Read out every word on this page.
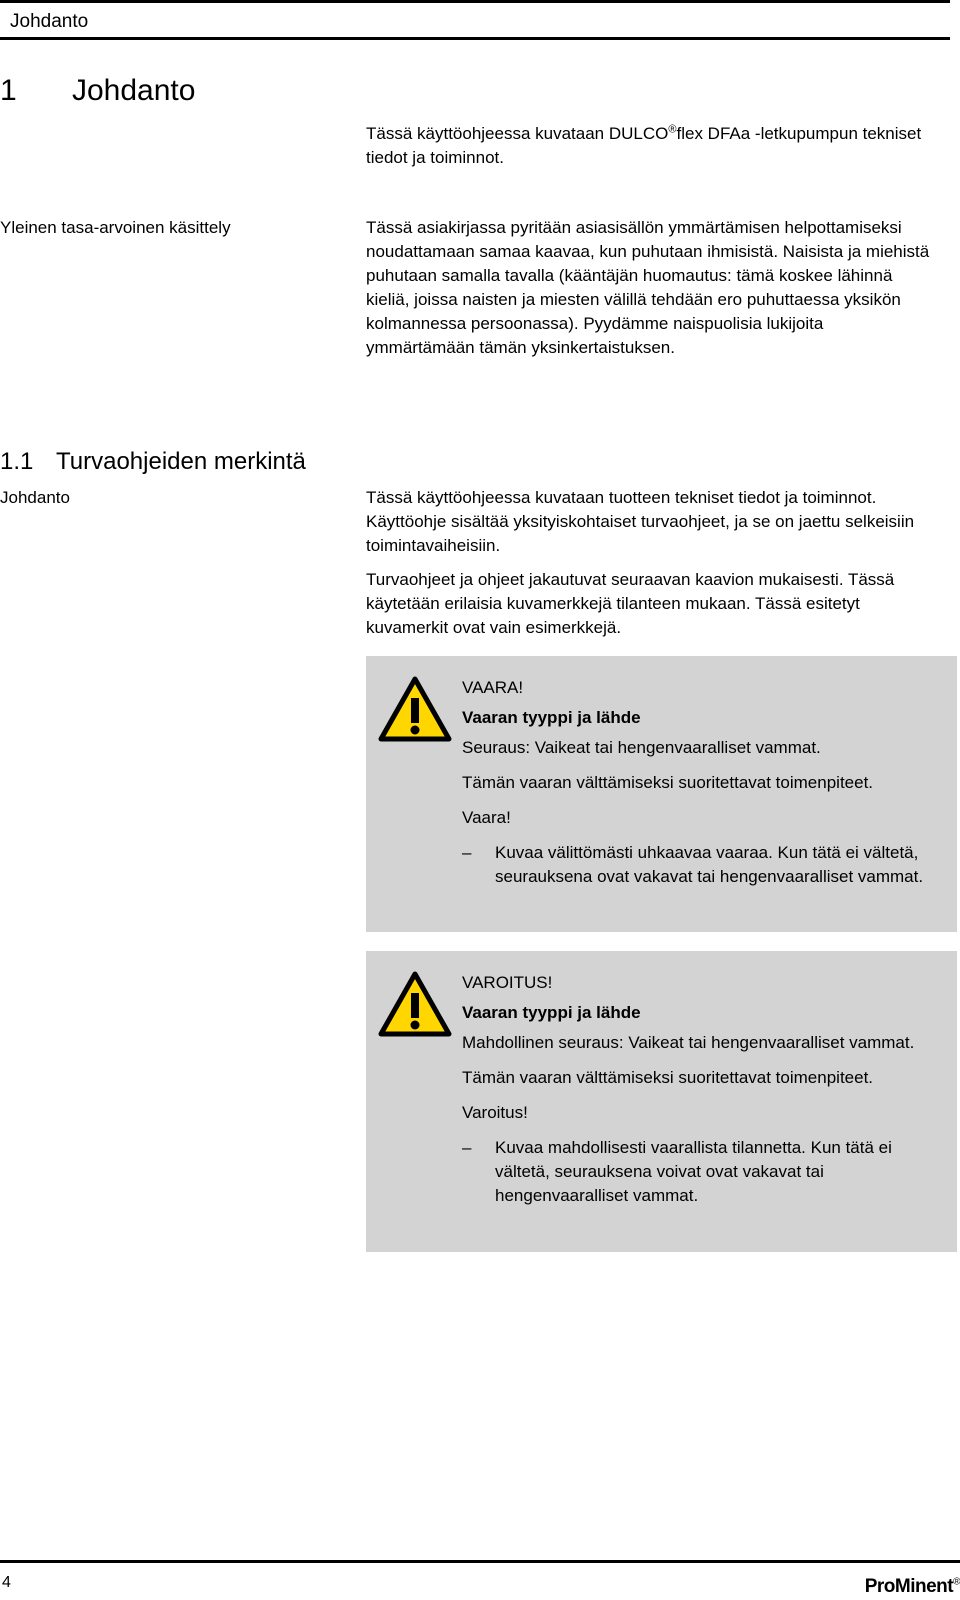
Johdanto
1 Johdanto
Tässä käyttöohjeessa kuvataan DULCO®flex DFAa -letkupumpun tekniset tiedot ja toiminnot.
Yleinen tasa-arvoinen käsittely	Tässä asiakirjassa pyritään asiasisällön ymmärtämisen helpottamiseksi noudattamaan samaa kaavaa, kun puhutaan ihmisistä. Naisista ja miehistä puhutaan samalla tavalla (kääntäjän huomautus: tämä koskee lähinnä kieliä, joissa naisten ja miesten välillä tehdään ero puhuttaessa yksikön kolmannessa persoonassa). Pyydämme naispuolisia lukijoita ymmärtämään tämän yksinkertaistuksen.
1.1 Turvaohjeiden merkintä
Johdanto	Tässä käyttöohjeessa kuvataan tuotteen tekniset tiedot ja toiminnot. Käyttöohje sisältää yksityiskohtaiset turvaohjeet, ja se on jaettu selkeisiin toimintavaiheisiin.

Turvaohjeet ja ohjeet jakautuvat seuraavan kaavion mukaisesti. Tässä käytetään erilaisia kuvamerkkejä tilanteen mukaan. Tässä esitetyt kuvamerkit ovat vain esimerkkejä.

VAARA!
Vaaran tyyppi ja lähde
Seuraus: Vaikeat tai hengenvaaralliset vammat.
Tämän vaaran välttämiseksi suoritettavat toimenpiteet.
Vaara!
– Kuvaa välittömästi uhkaavaa vaaraa. Kun tätä ei vältetä, seurauksena ovat vakavat tai hengenvaaralliset vammat.
VAROITUS!
Vaaran tyyppi ja lähde
Mahdollinen seuraus: Vaikeat tai hengenvaaralliset vammat.
Tämän vaaran välttämiseksi suoritettavat toimenpiteet.
Varoitus!
– Kuvaa mahdollisesti vaarallista tilannetta. Kun tätä ei vältetä, seurauksena voivat ovat vakavat tai hengenvaaralliset vammat.
4	ProMinent®
